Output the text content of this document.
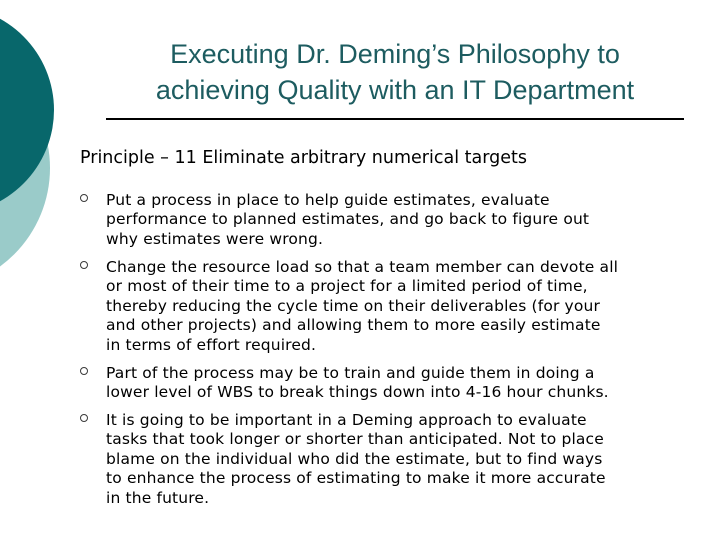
Executing Dr. Deming’s Philosophy to
achieving Quality with an IT Department

Principle – 11 Eliminate arbitrary numerical targets

Put a process in place to help guide estimates, evaluate
performance to planned estimates, and go back to figure out
why estimates were wrong.
Change the resource load so that a team member can devote all
or most of their time to a project for a limited period of time,
thereby reducing the cycle time on their deliverables (for your
and other projects) and allowing them to more easily estimate
in terms of effort required.
Part of the process may be to train and guide them in doing a
lower level of WBS to break things down into 4-16 hour chunks.
It is going to be important in a Deming approach to evaluate
tasks that took longer or shorter than anticipated. Not to place
blame on the individual who did the estimate, but to find ways
to enhance the process of estimating to make it more accurate
in the future.
